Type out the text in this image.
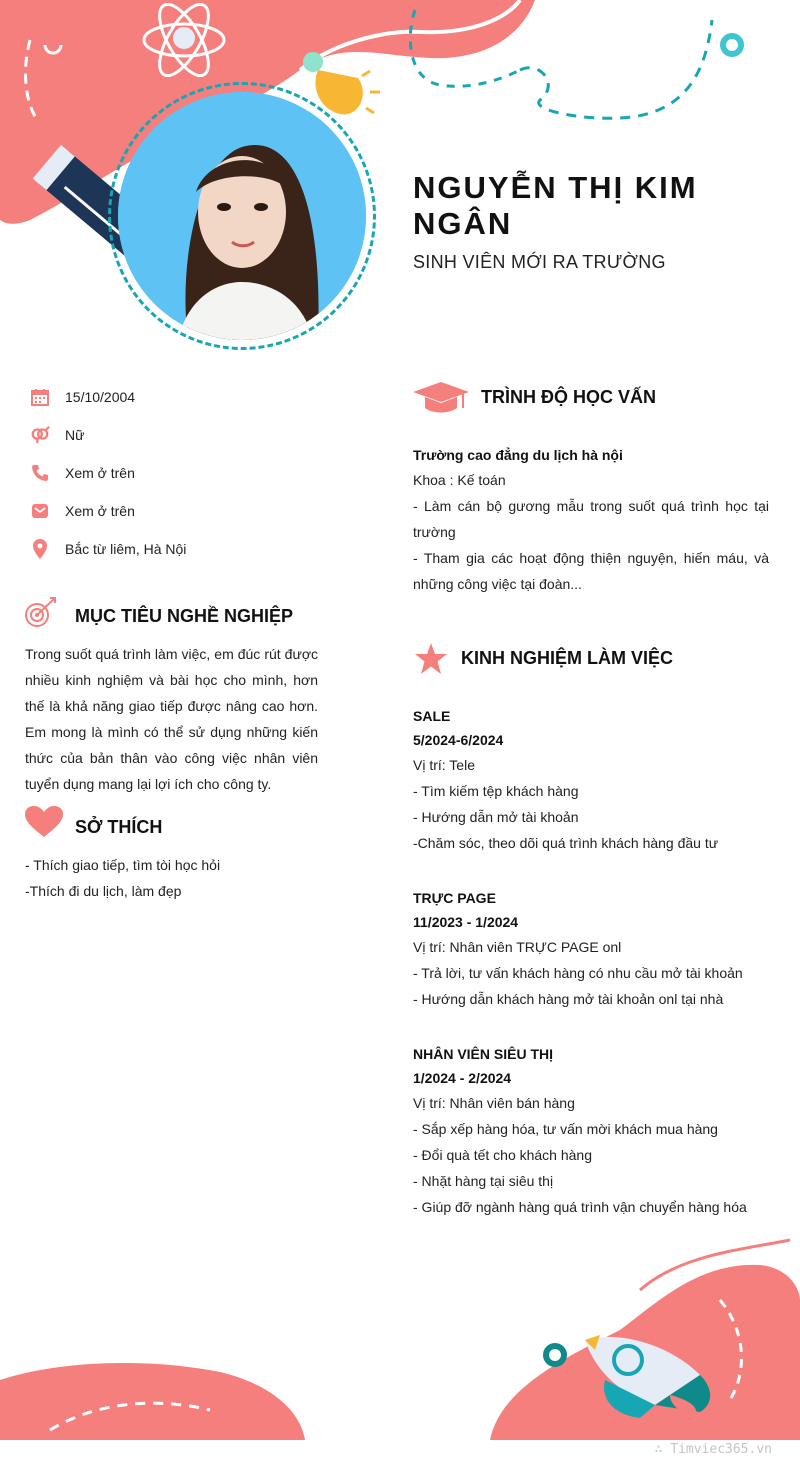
NGUYỄN THỊ KIM NGÂN
SINH VIÊN MỚI RA TRƯỜNG
15/10/2004
Nữ
Xem ở trên
Xem ở trên
Bắc từ liêm, Hà Nội
MỤC TIÊU NGHỀ NGHIỆP
Trong suốt quá trình làm việc, em đúc rút được nhiều kinh nghiệm và bài học cho mình, hơn thế là khả năng giao tiếp được nâng cao hơn. Em mong là mình có thể sử dụng những kiến thức của bản thân vào công việc nhân viên tuyển dụng mang lại lợi ích cho công ty.
SỞ THÍCH
- Thích giao tiếp, tìm tòi học hỏi
-Thích đi du lịch, làm đẹp
TRÌNH ĐỘ HỌC VẤN
Trường cao đẳng du lịch hà nội
Khoa : Kế toán
- Làm cán bộ gương mẫu trong suốt quá trình học tại trường
- Tham gia các hoạt động thiện nguyện, hiến máu, và những công việc tại đoàn...
KINH NGHIỆM LÀM VIỆC
SALE
5/2024-6/2024
Vị trí: Tele
- Tìm kiếm tệp khách hàng
- Hướng dẫn mở tài khoản
-Chăm sóc, theo dõi quá trình khách hàng đầu tư
TRỰC PAGE
11/2023 - 1/2024
Vị trí: Nhân viên TRỰC PAGE onl
- Trả lời, tư vấn khách hàng có nhu cầu mở tài khoản
- Hướng dẫn khách hàng mở tài khoản onl tại nhà
NHÂN VIÊN SIÊU THỊ
1/2024 - 2/2024
Vị trí: Nhân viên bán hàng
- Sắp xếp hàng hóa, tư vấn mời khách mua hàng
- Đổi quà tết cho khách hàng
- Nhặt hàng tại siêu thị
- Giúp đỡ ngành hàng quá trình vận chuyển hàng hóa
∴ Timviec365.vn
